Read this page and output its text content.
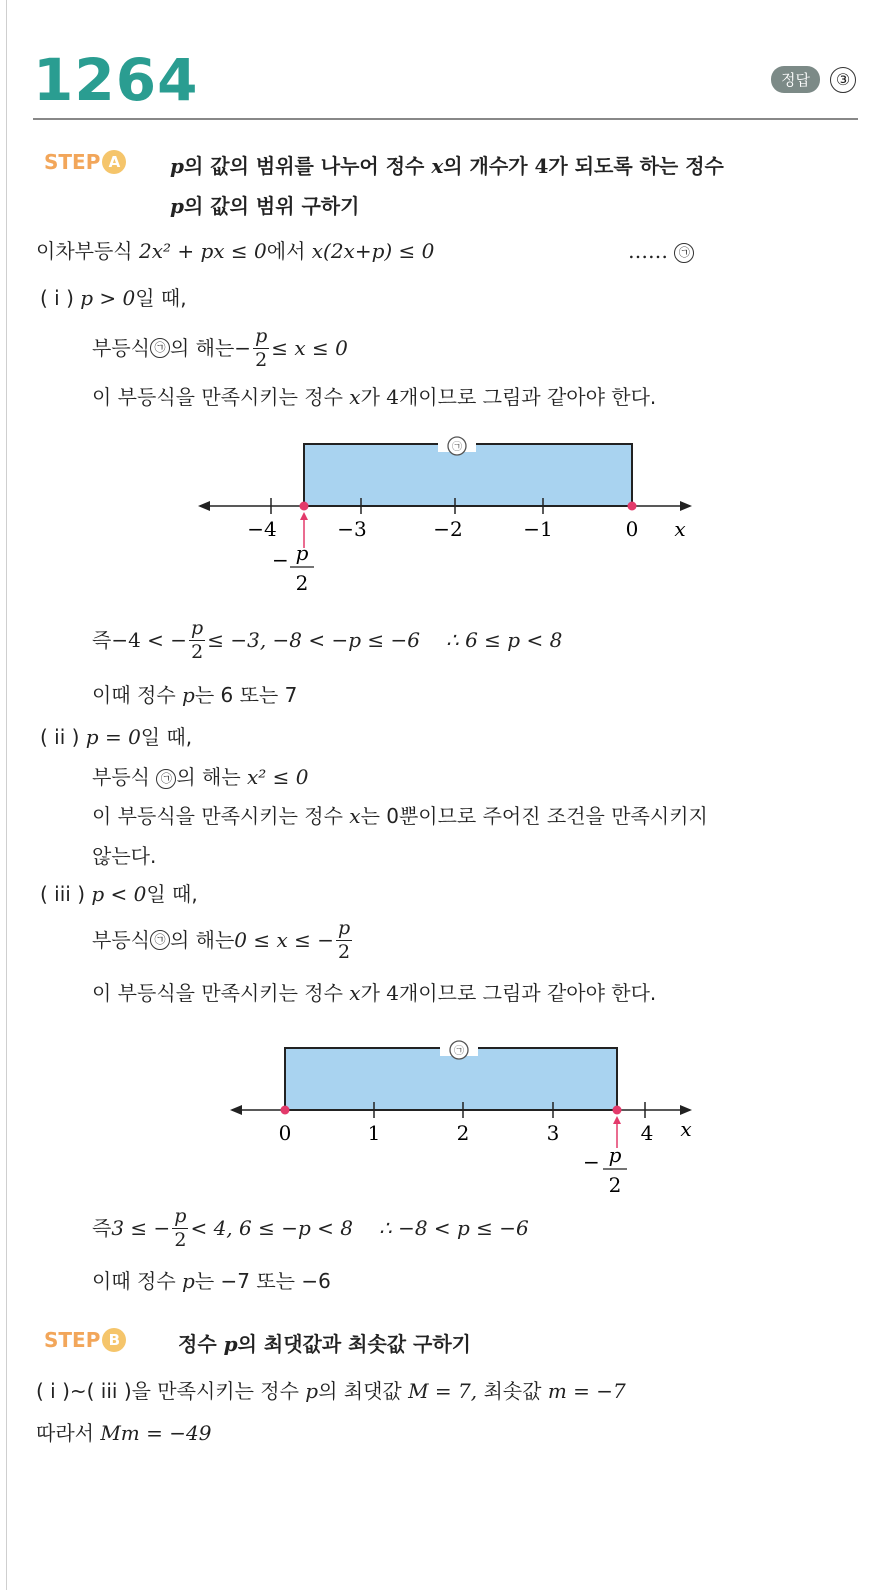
1264	정답	③
STEP A	p의 값의 범위를 나누어 정수 x의 개수가 4가 되도록 하는 정수
p의 값의 범위 구하기
이차부등식 2x² + px ≤ 0에서 x(2x+p) ≤ 0	…… ㉠
( i ) p > 0일 때,
부등식 ㉠ 의 해는 − $\frac{p}{2} \le x \le 0$
이 부등식을 만족시키는 정수 x가 4개이므로 그림과 같아야 한다.
㉠
−4	−3	−2	−1	0 x
− p
2
즉 −4 < − $\frac{p}{2} \le -3$, −8 < −p ≤ −6 ∴ 6 ≤ p < 8
이때 정수 p는 6 또는 7
( ii ) p = 0일 때,
부등식 ㉠ 의 해는 x² ≤ 0
이 부등식을 만족시키는 정수 x는 0뿐이므로 주어진 조건을 만족시키지
않는다.
( iii ) p < 0일 때,
부등식 ㉠ 의 해는 0 ≤ x ≤ − $\frac{p}{2}$
이 부등식을 만족시키는 정수 x가 4개이므로 그림과 같아야 한다.
㉠
0	1	2	3	4 x
− p
2
즉 3 ≤ − $\frac{p}{2} < 4$, 6 ≤ −p < 8 ∴ −8 < p ≤ −6
이때 정수 p는 −7 또는 −6
STEP B	정수 p의 최댓값과 최솟값 구하기
( i )~( iii )을 만족시키는 정수 p의 최댓값 M = 7, 최솟값 m = −7
따라서 Mm = −49
